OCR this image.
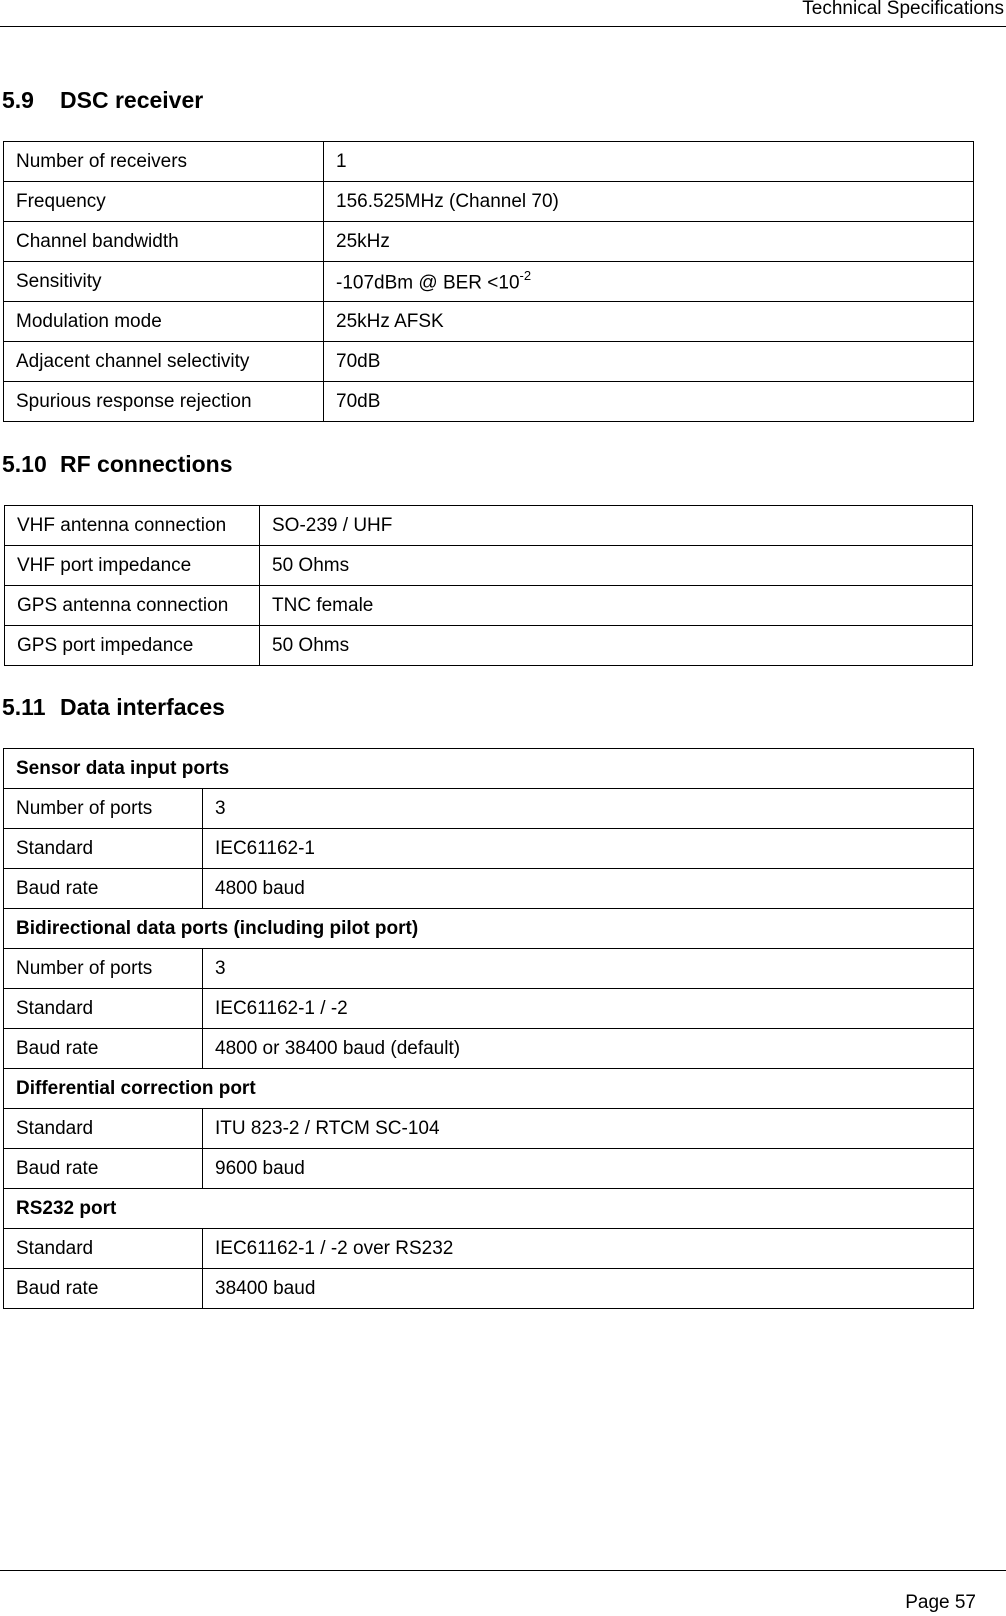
Technical Specifications
5.9 DSC receiver
Number of receivers	1
Frequency	156.525MHz (Channel 70)
Channel bandwidth	25kHz
Sensitivity	-107dBm @ BER $<10^{-2}$
Modulation mode	25kHz AFSK
Adjacent channel selectivity	70dB
Spurious response rejection	70dB
5.10 RF connections
VHF antenna connection	SO-239 / UHF
VHF port impedance	50 Ohms
GPS antenna connection	TNC female
GPS port impedance	50 Ohms
5.11 Data interfaces
Sensor data input ports	
Number of ports	3
Standard	IEC61162-1
Baud rate	4800 baud
Bidirectional data ports (including pilot port)	
Number of ports	3
Standard	IEC61162-1 / -2
Baud rate	4800 or 38400 baud (default)
Differential correction port	
Standard	ITU 823-2 / RTCM SC-104
Baud rate	9600 baud
RS232 port	
Standard	IEC61162-1 / -2 over RS232
Baud rate	38400 baud
Page 57
